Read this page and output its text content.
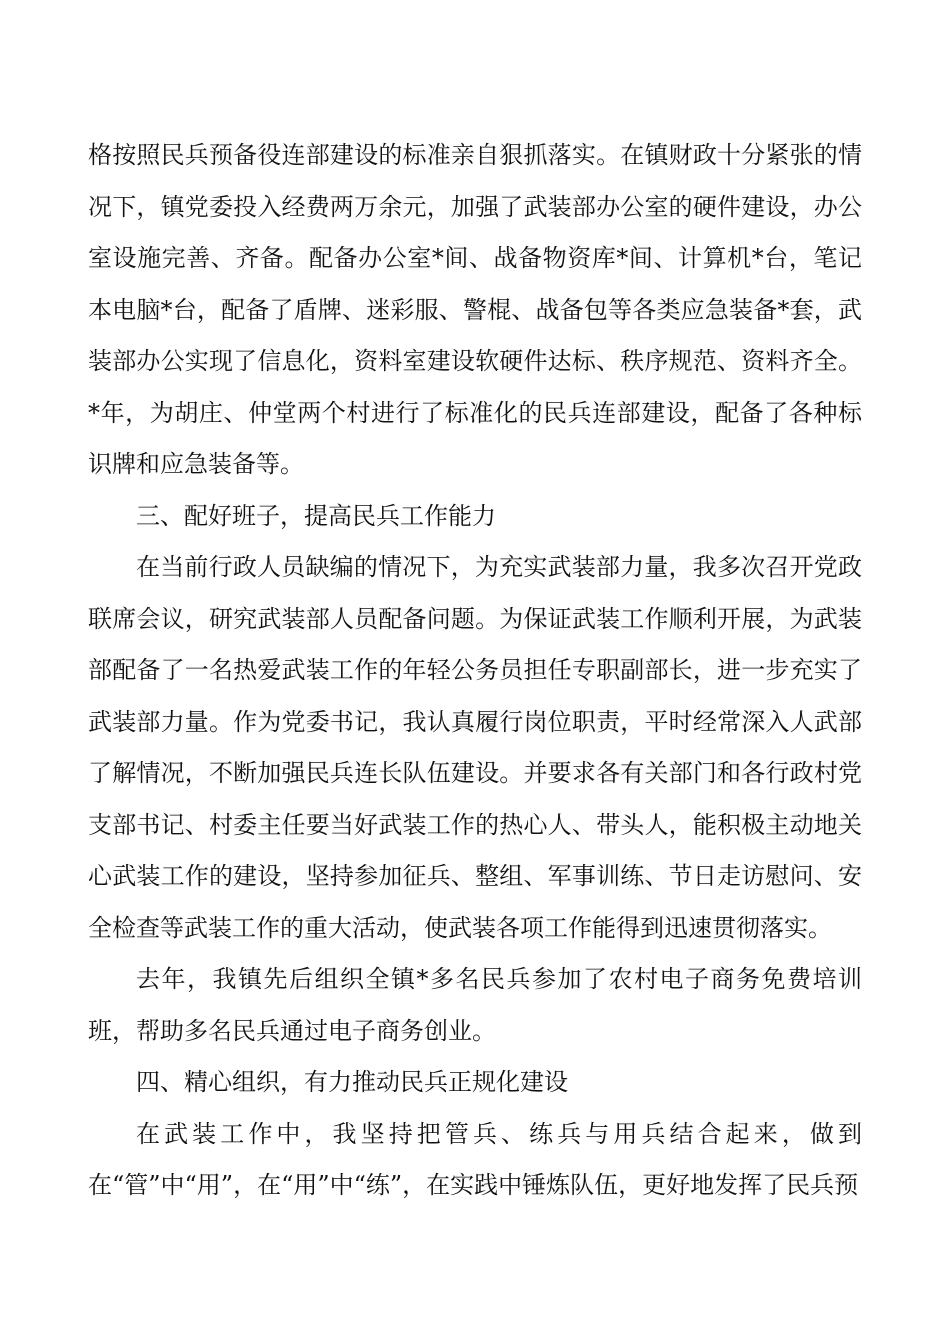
格按照民兵预备役连部建设的标准亲自狠抓落实。在镇财政十分紧张的情况下，镇党委投入经费两万余元，加强了武装部办公室的硬件建设，办公室设施完善、齐备。配备办公室*间、战备物资库*间、计算机*台，笔记本电脑*台，配备了盾牌、迷彩服、警棍、战备包等各类应急装备*套，武装部办公实现了信息化，资料室建设软硬件达标、秩序规范、资料齐全。*年，为胡庄、仲堂两个村进行了标准化的民兵连部建设，配备了各种标识牌和应急装备等。

三、配好班子，提高民兵工作能力

在当前行政人员缺编的情况下，为充实武装部力量，我多次召开党政联席会议，研究武装部人员配备问题。为保证武装工作顺利开展，为武装部配备了一名热爱武装工作的年轻公务员担任专职副部长，进一步充实了武装部力量。作为党委书记，我认真履行岗位职责，平时经常深入人武部了解情况，不断加强民兵连长队伍建设。并要求各有关部门和各行政村党支部书记、村委主任要当好武装工作的热心人、带头人，能积极主动地关心武装工作的建设，坚持参加征兵、整组、军事训练、节日走访慰问、安全检查等武装工作的重大活动，使武装各项工作能得到迅速贯彻落实。

去年，我镇先后组织全镇*多名民兵参加了农村电子商务免费培训班，帮助多名民兵通过电子商务创业。

四、精心组织，有力推动民兵正规化建设

在武装工作中，我坚持把管兵、练兵与用兵结合起来，做到在“管”中“用”，在“用”中“练”，在实践中锤炼队伍，更好地发挥了民兵预
